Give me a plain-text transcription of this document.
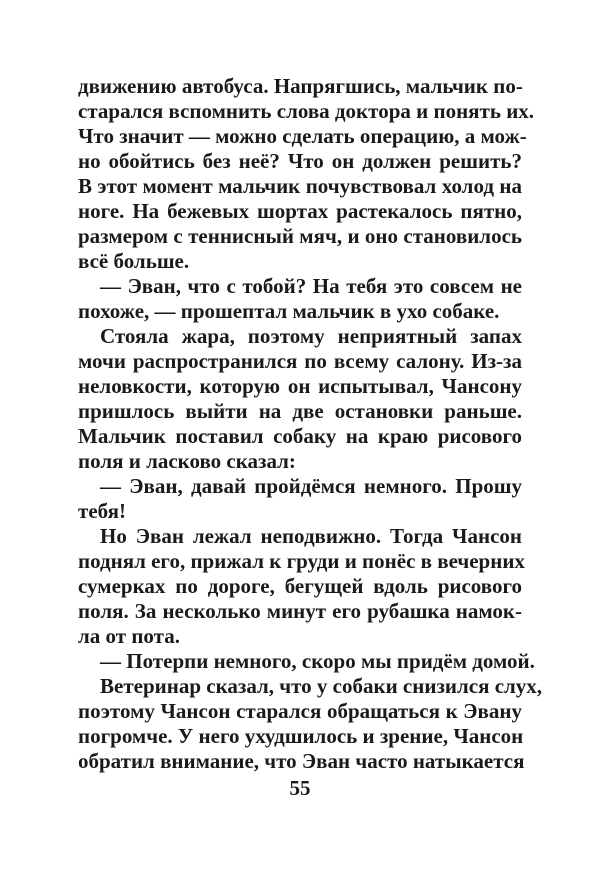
движению автобуса. Напрягшись, мальчик по-
старался вспомнить слова доктора и понять их.
Что значит — можно сделать операцию, а мож-
но обойтись без неё? Что он должен решить?
В этот момент мальчик почувствовал холод на
ноге. На бежевых шортах растекалось пятно,
размером с теннисный мяч, и оно становилось
всё больше.
— Эван, что с тобой? На тебя это совсем не
похоже, — прошептал мальчик в ухо собаке.
Стояла жара, поэтому неприятный запах
мочи распространился по всему салону. Из-за
неловкости, которую он испытывал, Чансону
пришлось выйти на две остановки раньше.
Мальчик поставил собаку на краю рисового
поля и ласково сказал:
— Эван, давай пройдёмся немного. Прошу
тебя!
Но Эван лежал неподвижно. Тогда Чансон
поднял его, прижал к груди и понёс в вечерних
сумерках по дороге, бегущей вдоль рисового
поля. За несколько минут его рубашка намок-
ла от пота.
— Потерпи немного, скоро мы придём домой.
Ветеринар сказал, что у собаки снизился слух,
поэтому Чансон старался обращаться к Эвану
погромче. У него ухудшилось и зрение, Чансон
обратил внимание, что Эван часто натыкается
55
